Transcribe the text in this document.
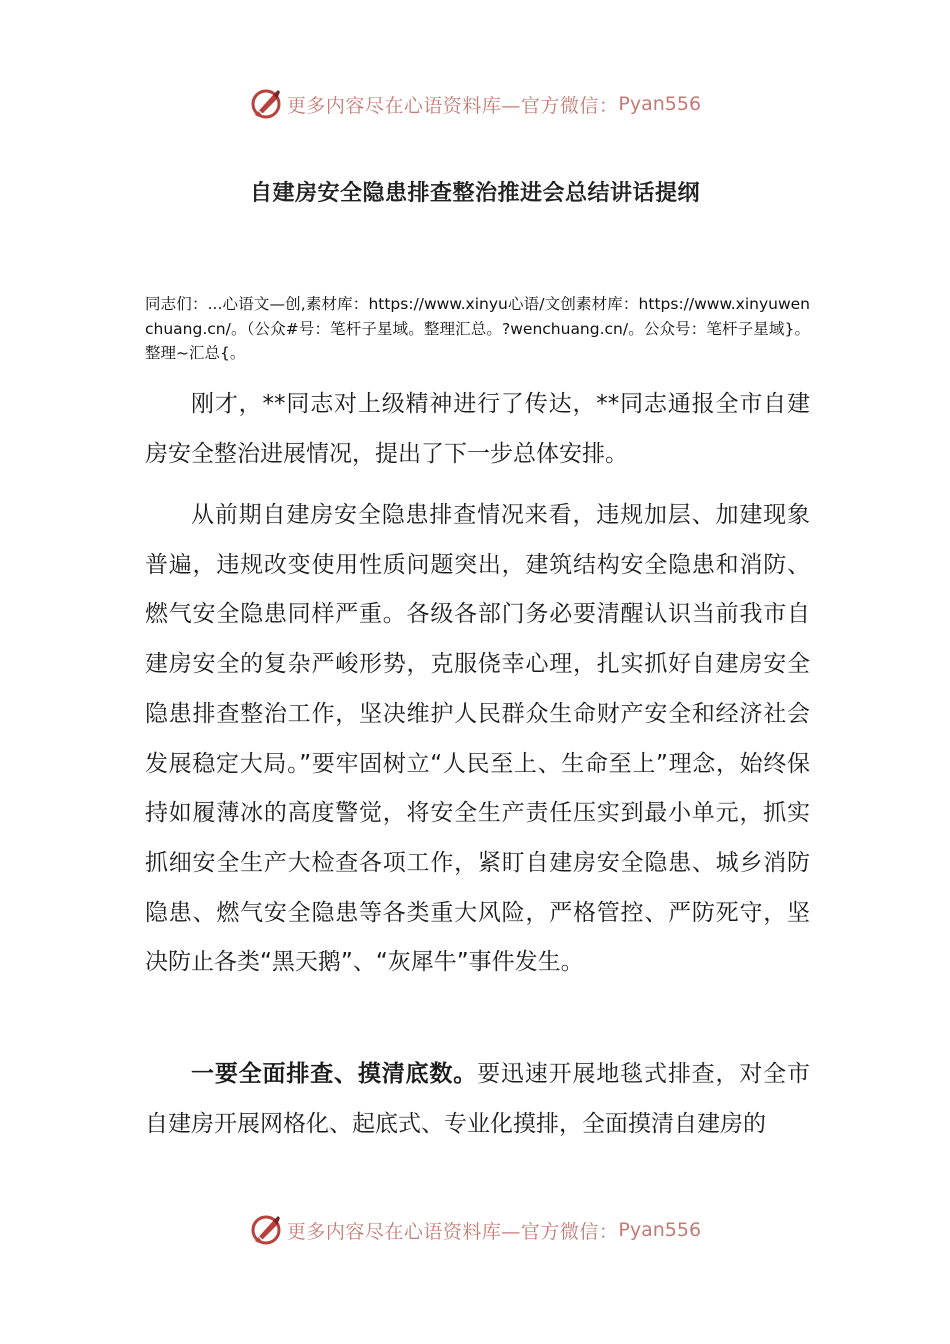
更多内容尽在心语资料库—官方微信： Pyan556
自建房安全隐患排查整治推进会总结讲话提纲

同志们：...心语文—创,素材库：https://www.xinyu心语/文创素材库：https://www.xinyuwenchuang.cn/。（公众#号：笔杆子星域。整理汇总。?wenchuang.cn/。公众号：笔杆子星域}。整理~汇总{。

刚才，**同志对上级精神进行了传达，**同志通报全市自建房安全整治进展情况，提出了下一步总体安排。

从前期自建房安全隐患排查情况来看，违规加层、加建现象普遍，违规改变使用性质问题突出，建筑结构安全隐患和消防、燃气安全隐患同样严重。各级各部门务必要清醒认识当前我市自建房安全的复杂严峻形势，克服侥幸心理，扎实抓好自建房安全隐患排查整治工作，坚决维护人民群众生命财产安全和经济社会发展稳定大局。”要牢固树立“人民至上、生命至上”理念，始终保持如履薄冰的高度警觉，将安全生产责任压实到最小单元，抓实抓细安全生产大检查各项工作，紧盯自建房安全隐患、城乡消防隐患、燃气安全隐患等各类重大风险，严格管控、严防死守，坚决防止各类“黑天鹅”、“灰犀牛”事件发生。

一要全面排查、摸清底数。要迅速开展地毯式排查，对全市自建房开展网格化、起底式、专业化摸排，全面摸清自建房的

更多内容尽在心语资料库—官方微信： Pyan556
